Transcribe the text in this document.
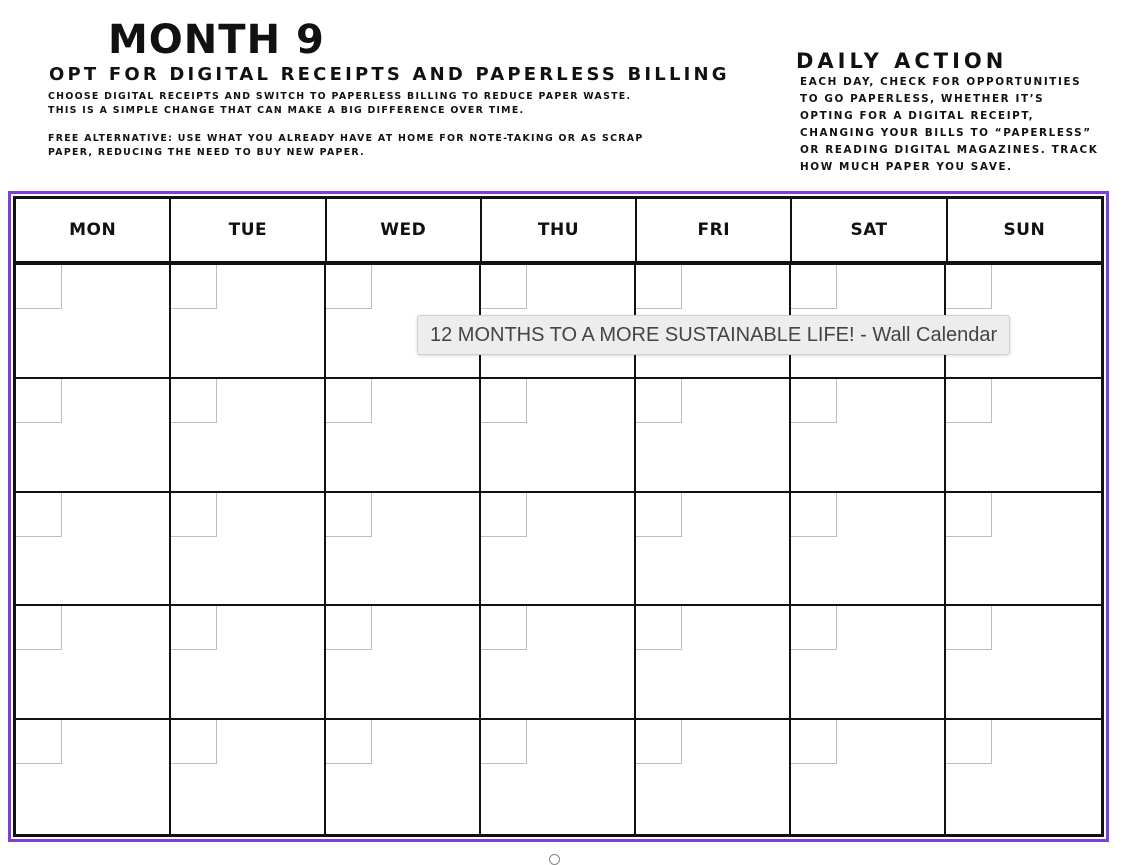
MONTH 9
OPT FOR DIGITAL RECEIPTS AND PAPERLESS BILLING
CHOOSE DIGITAL RECEIPTS AND SWITCH TO PAPERLESS BILLING TO REDUCE PAPER WASTE. THIS IS A SIMPLE CHANGE THAT CAN MAKE A BIG DIFFERENCE OVER TIME.
FREE ALTERNATIVE: USE WHAT YOU ALREADY HAVE AT HOME FOR NOTE-TAKING OR AS SCRAP PAPER, REDUCING THE NEED TO BUY NEW PAPER.
DAILY ACTION
EACH DAY, CHECK FOR OPPORTUNITIES TO GO PAPERLESS, WHETHER IT’S OPTING FOR A DIGITAL RECEIPT, CHANGING YOUR BILLS TO “PAPERLESS” OR READING DIGITAL MAGAZINES. TRACK HOW MUCH PAPER YOU SAVE.
MON	TUE	WED	THU	FRI	SAT	SUN
12 MONTHS TO A MORE SUSTAINABLE LIFE! - Wall Calendar
